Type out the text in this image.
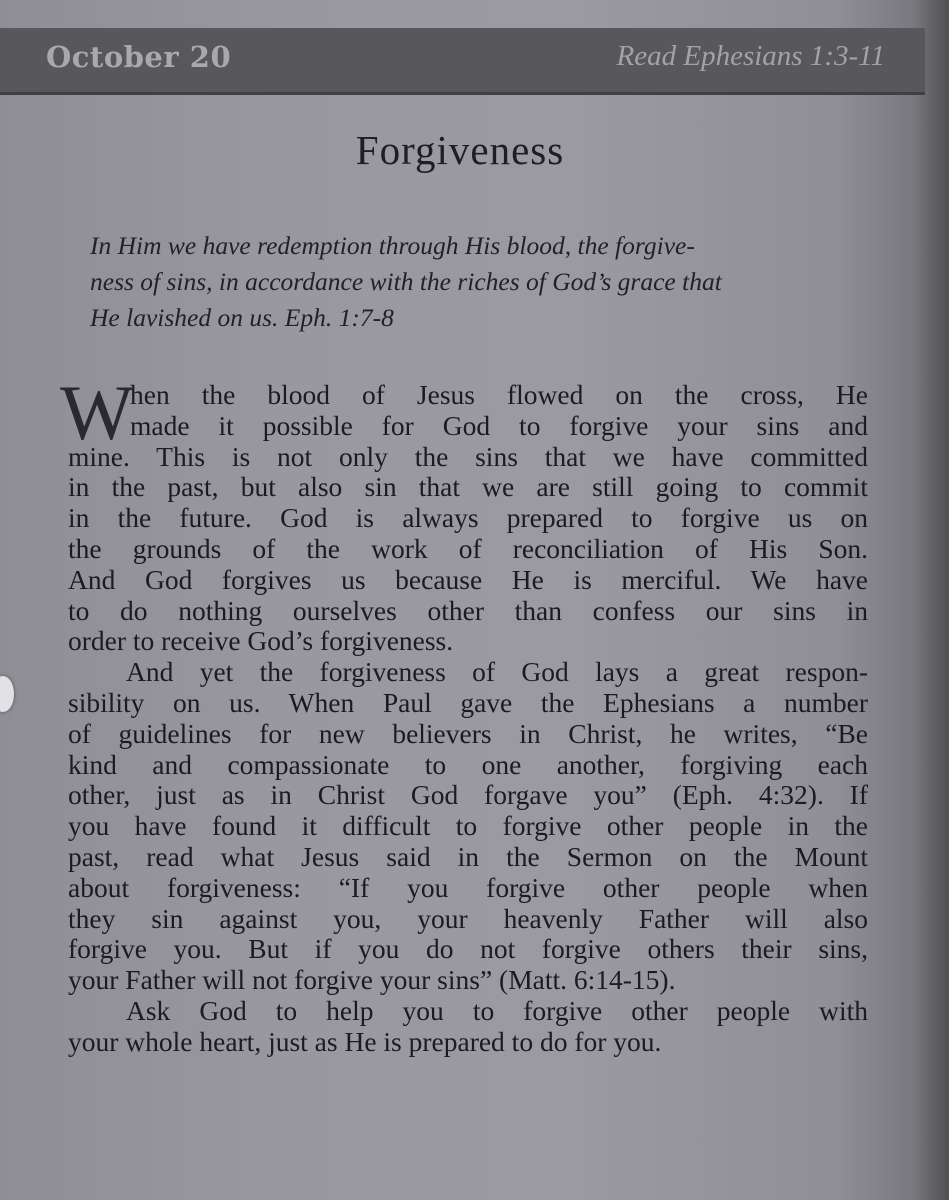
October 20	Read Ephesians 1:3-11
Forgiveness
In Him we have redemption through His blood, the forgive-
ness of sins, in accordance with the riches of God’s grace that
He lavished on us. Eph. 1:7-8
W
hen the blood of Jesus flowed on the cross, He
made it possible for God to forgive your sins and
mine. This is not only the sins that we have committed
in the past, but also sin that we are still going to commit
in the future. God is always prepared to forgive us on
the grounds of the work of reconciliation of His Son.
And God forgives us because He is merciful. We have
to do nothing ourselves other than confess our sins in
order to receive God’s forgiveness.
And yet the forgiveness of God lays a great respon-
sibility on us. When Paul gave the Ephesians a number
of guidelines for new believers in Christ, he writes, “Be
kind and compassionate to one another, forgiving each
other, just as in Christ God forgave you” (Eph. 4:32). If
you have found it difficult to forgive other people in the
past, read what Jesus said in the Sermon on the Mount
about forgiveness: “If you forgive other people when
they sin against you, your heavenly Father will also
forgive you. But if you do not forgive others their sins,
your Father will not forgive your sins” (Matt. 6:14-15).
Ask God to help you to forgive other people with
your whole heart, just as He is prepared to do for you.
